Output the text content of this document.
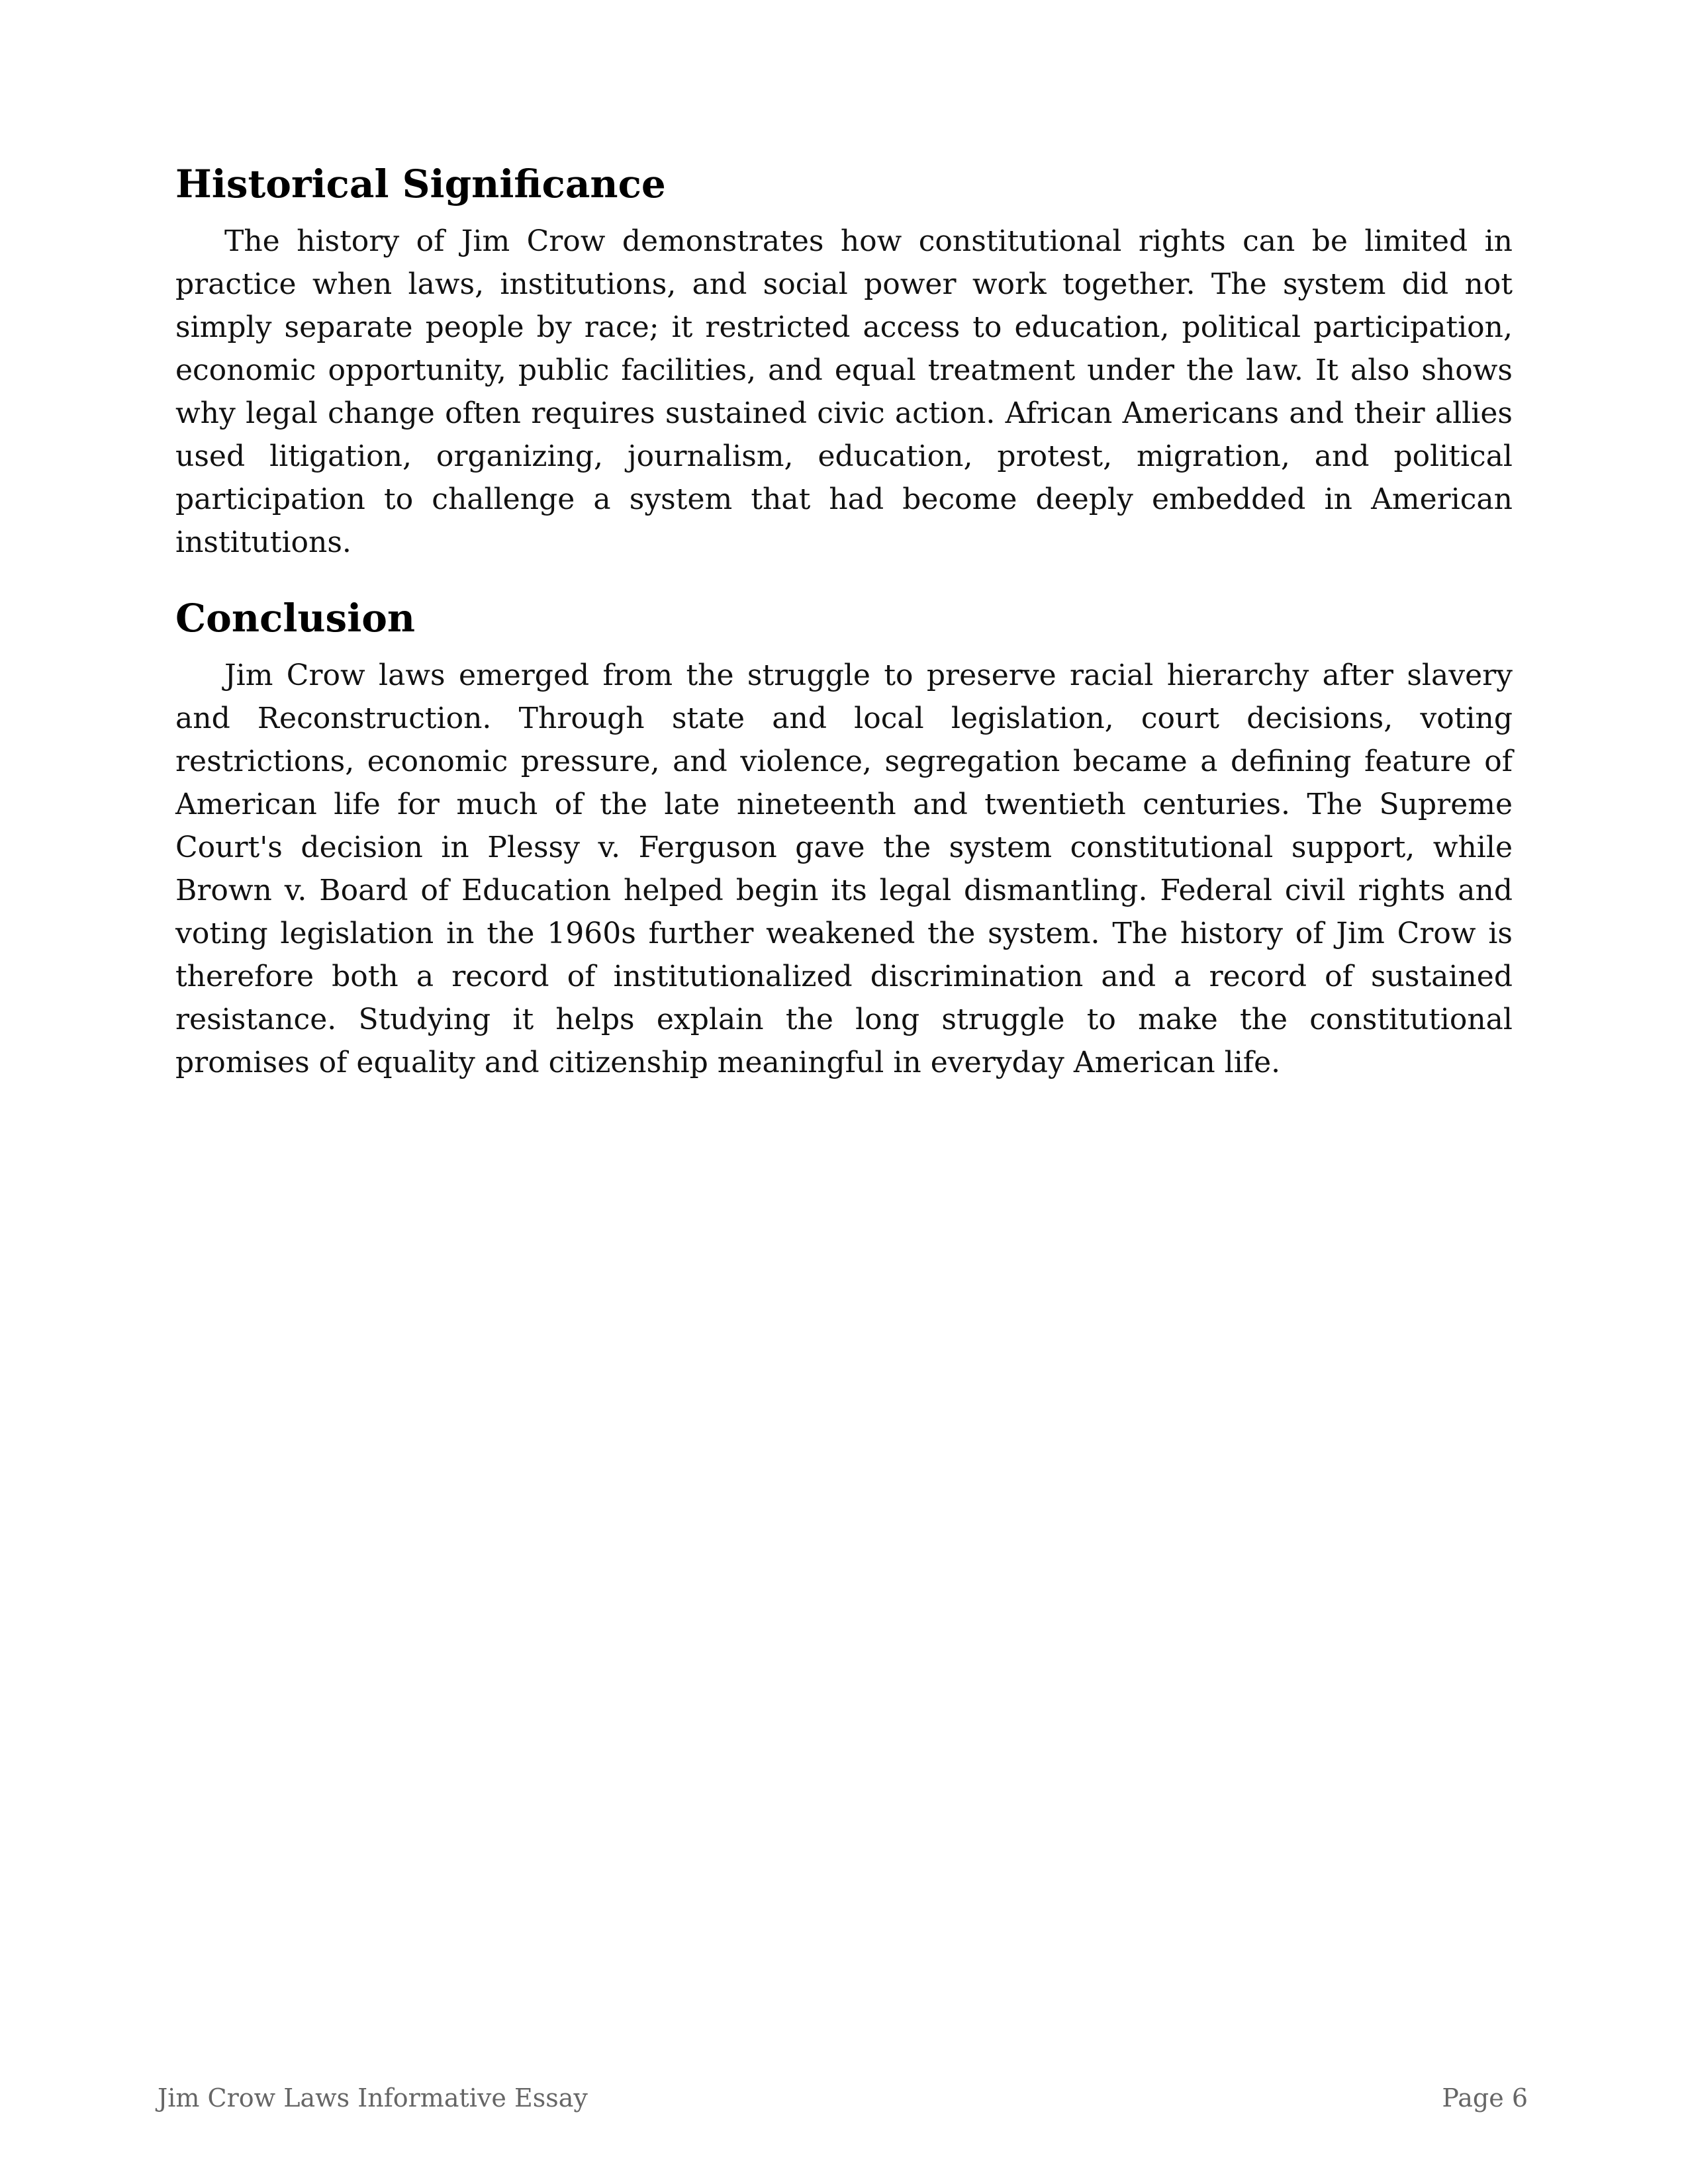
Historical Significance

The history of Jim Crow demonstrates how constitutional rights can be limited in practice when laws, institutions, and social power work together. The system did not simply separate people by race; it restricted access to education, political participation, economic opportunity, public facilities, and equal treatment under the law. It also shows why legal change often requires sustained civic action. African Americans and their allies used litigation, organizing, journalism, education, protest, migration, and political participation to challenge a system that had become deeply embedded in American institutions.

Conclusion

Jim Crow laws emerged from the struggle to preserve racial hierarchy after slavery and Reconstruction. Through state and local legislation, court decisions, voting restrictions, economic pressure, and violence, segregation became a defining feature of American life for much of the late nineteenth and twentieth centuries. The Supreme Court's decision in Plessy v. Ferguson gave the system constitutional support, while Brown v. Board of Education helped begin its legal dismantling. Federal civil rights and voting legislation in the 1960s further weakened the system. The history of Jim Crow is therefore both a record of institutionalized discrimination and a record of sustained resistance. Studying it helps explain the long struggle to make the constitutional promises of equality and citizenship meaningful in everyday American life.

Jim Crow Laws Informative Essay	Page 6
